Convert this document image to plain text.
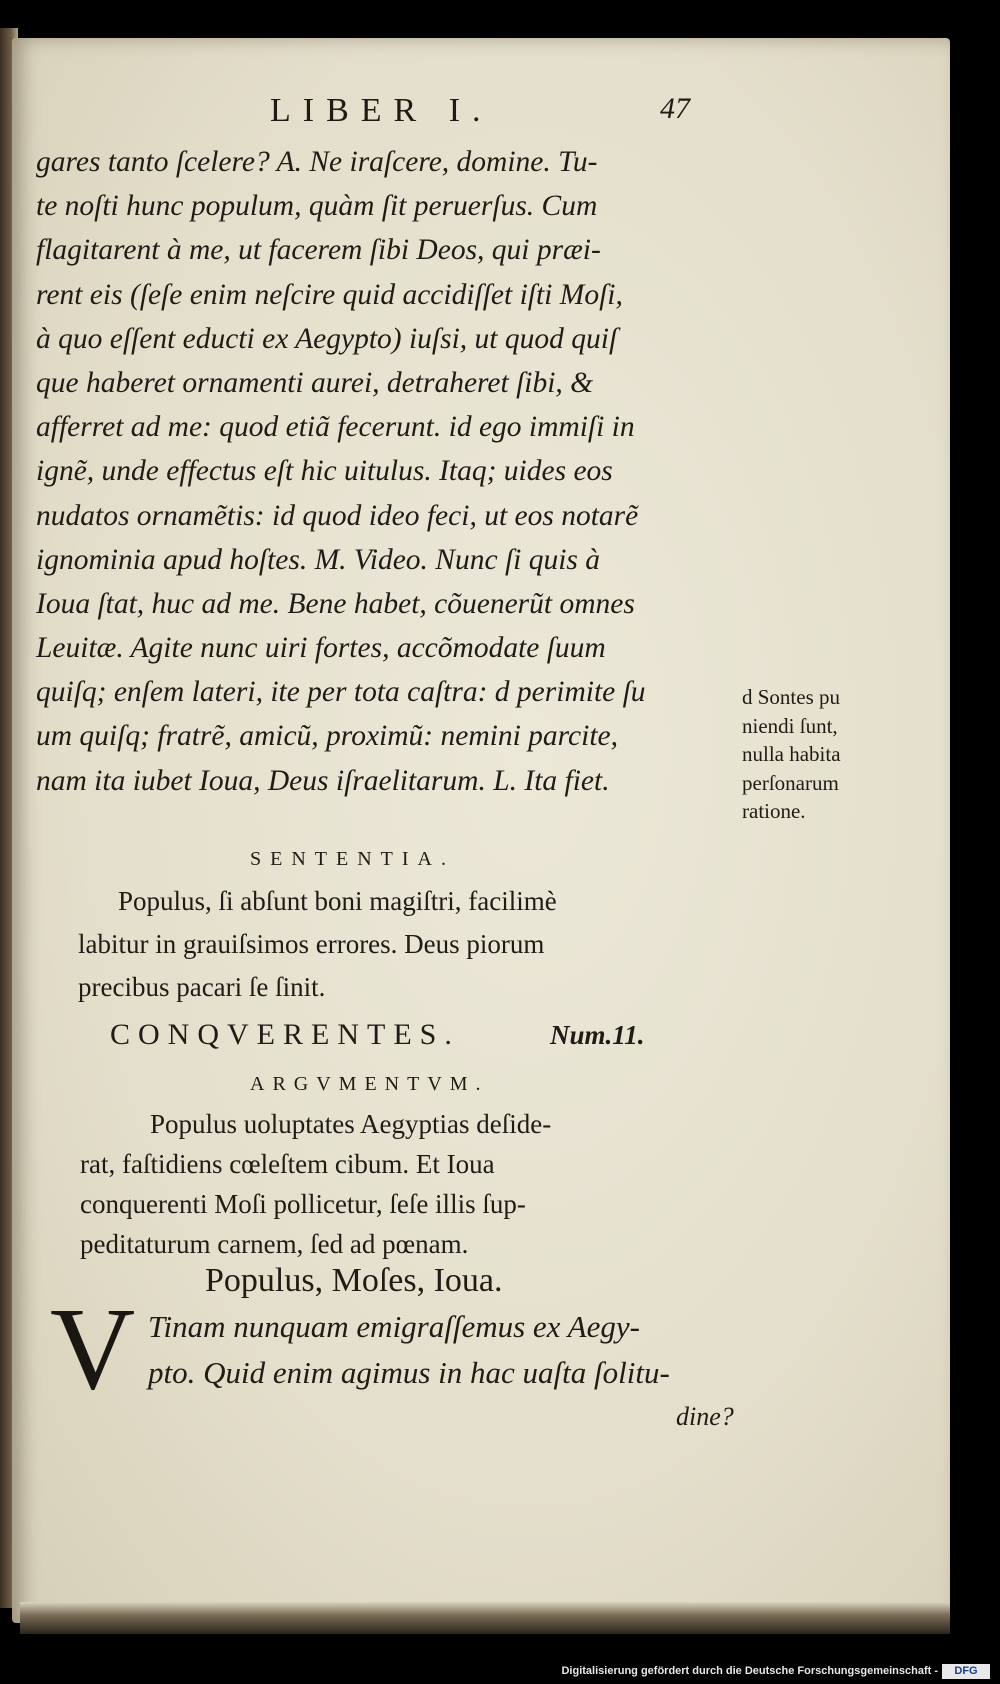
LIBER I.	47
gares tanto ſcelere? A. Ne iraſcere, domine. Tu-
te noſti hunc populum, quàm ſit peruerſus. Cum
flagitarent à me, ut facerem ſibi Deos, qui præi-
rent eis (ſeſe enim neſcire quid accidiſſet iſti Moſi,
à quo eſſent educti ex Aegypto) iuſsi, ut quod quiſ
que haberet ornamenti aurei, detraheret ſibi, &
afferret ad me: quod etiã fecerunt. id ego immiſi in
ignẽ, unde effectus eſt hic uitulus. Itaq; uides eos
nudatos ornamẽtis: id quod ideo feci, ut eos notarẽ
ignominia apud hoſtes. M. Video. Nunc ſi quis à
Ioua ſtat, huc ad me. Bene habet, cõuenerũt omnes
Leuitæ. Agite nunc uiri fortes, accõmodate ſuum
quiſq; enſem lateri, ite per tota caſtra: d perimite ſu
um quiſq; fratrẽ, amicũ, proximũ: nemini parcite,
nam ita iubet Ioua, Deus iſraelitarum. L. Ita fiet.
d Sontes pu
niendi ſunt,
nulla habita
perſonarum
ratione.
SENTENTIA.
Populus, ſi abſunt boni magiſtri, facilimè
labitur in grauiſsimos errores. Deus piorum
precibus pacari ſe ſinit.
CONQVERENTES.	Num.11.
ARGVMENTVM.
Populus uoluptates Aegyptias deſide-
rat, faſtidiens cœleſtem cibum. Et Ioua
conquerenti Moſi pollicetur, ſeſe illis ſup-
peditaturum carnem, ſed ad pœnam.
Populus, Moſes, Ioua.
V Tinam nunquam emigraſſemus ex Aegy-
pto. Quid enim agimus in hac uaſta ſolitu-
dine?
Digitalisierung gefördert durch die Deutsche Forschungsgemeinschaft -	DFG
